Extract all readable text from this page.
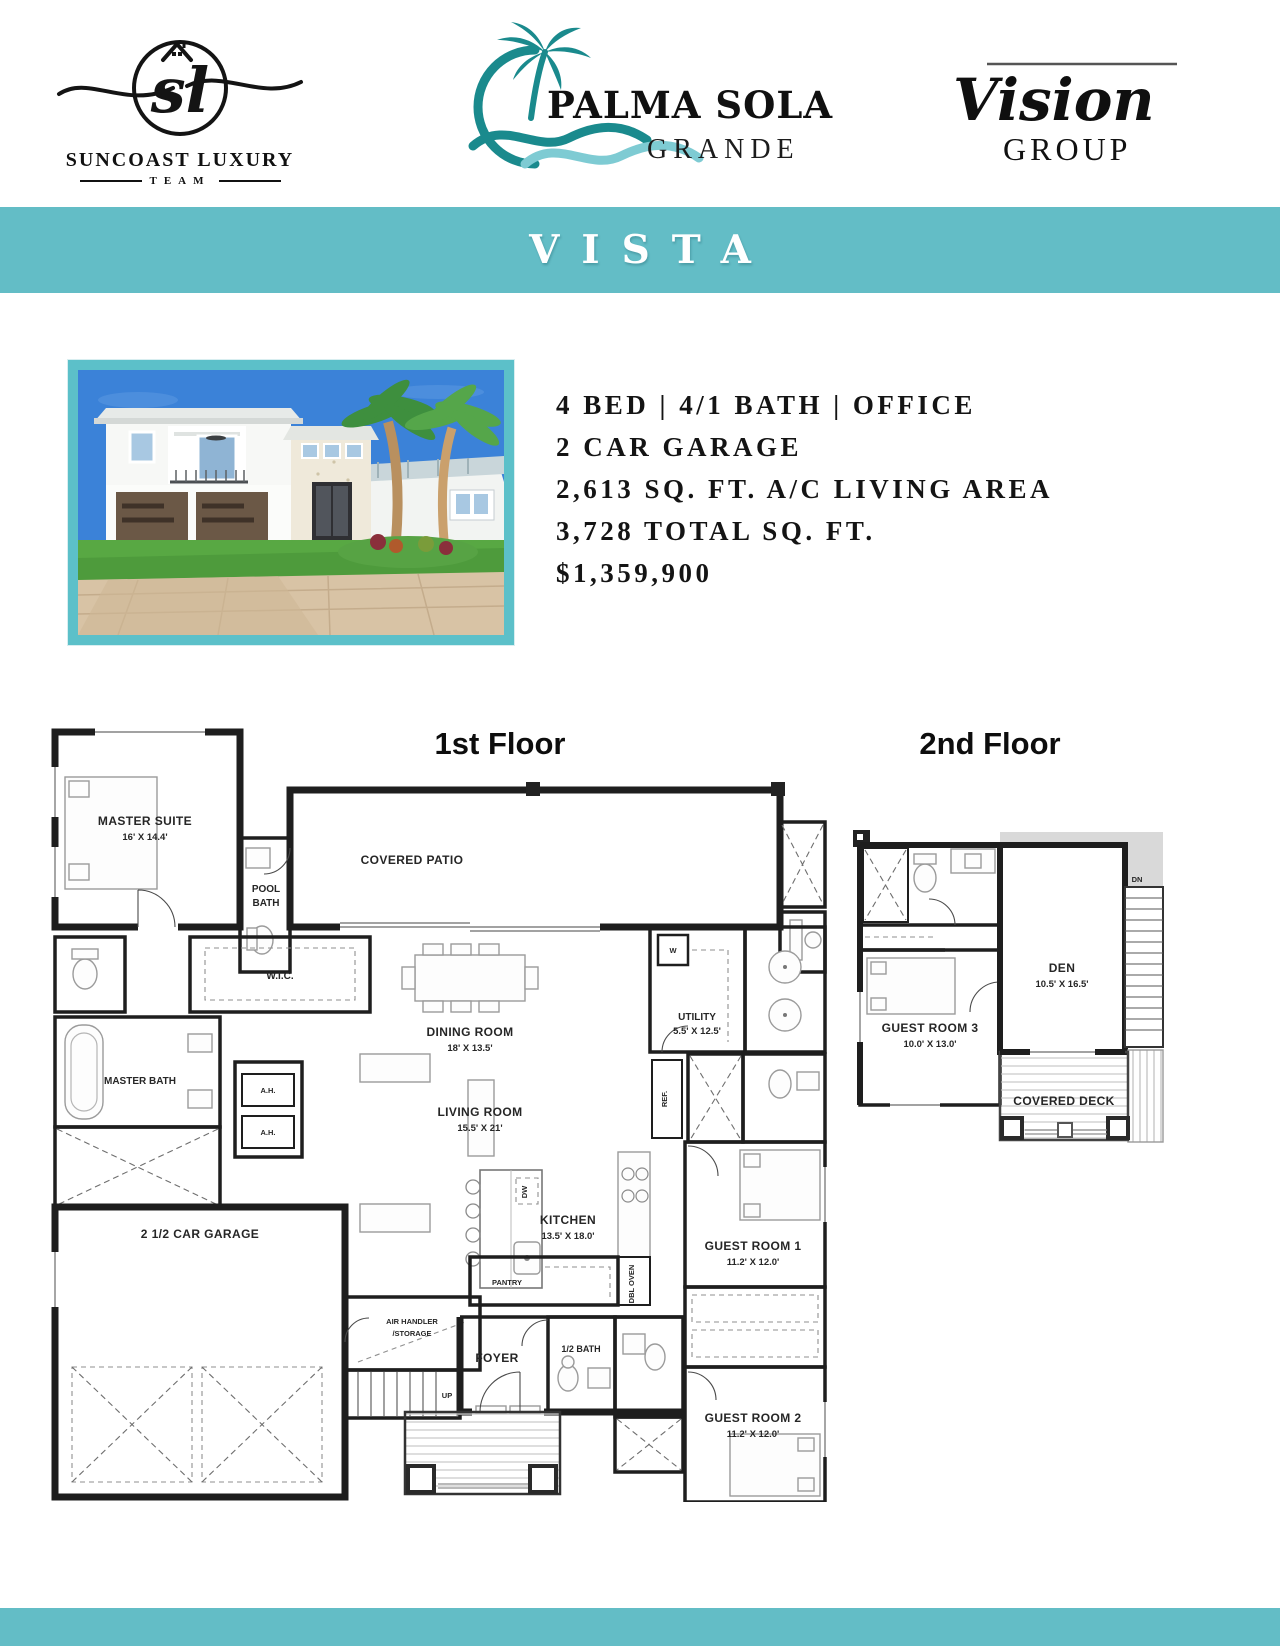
sl
SUNCOAST LUXURY
TEAM
PALMA SOLA
GRANDE
Vision
GROUP
VISTA
4 BED | 4/1 BATH | OFFICE
2 CAR GARAGE
2,613 SQ. FT. A/C LIVING AREA
3,728 TOTAL SQ. FT.
$1,359,900
1st Floor	2nd Floor
MASTER SUITE
16' X 14.4'
POOL
BATH
COVERED PATIO
W.I.C.
DINING ROOM
18' X 13.5'
W
UTILITY
5.5' X 12.5'
MASTER BATH
2 1/2 CAR GARAGE
A.H.
A.H.
LIVING ROOM
15.5' X 21'
DW
DBL OVEN
KITCHEN
13.5' X 18.0'
PANTRY
REF.
GUEST ROOM 1
11.2' X 12.0'
GUEST ROOM 2
11.2' X 12.0'
AIR HANDLER
/STORAGE
UP
FOYER
1/2 BATH
GUEST ROOM 3
10.0' X 13.0'
DEN
10.5' X 16.5'
DN
COVERED DECK
